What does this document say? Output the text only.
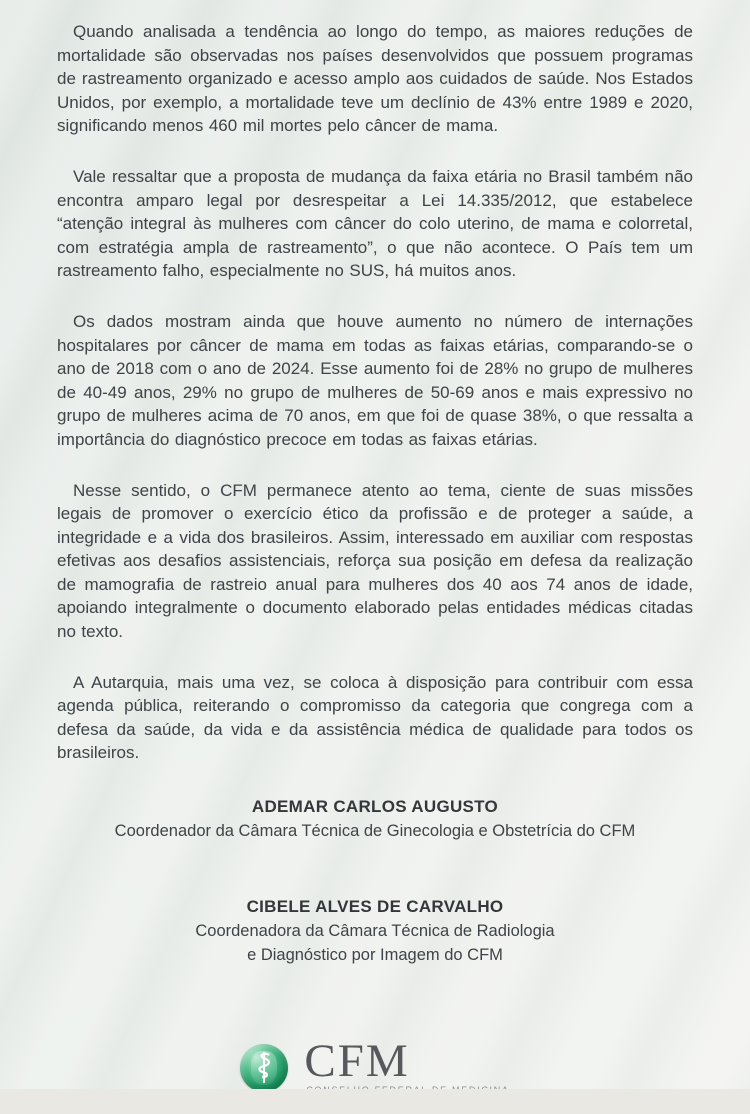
Quando analisada a tendência ao longo do tempo, as maiores reduções de mortalidade são observadas nos países desenvolvidos que possuem programas de rastreamento organizado e acesso amplo aos cuidados de saúde. Nos Estados Unidos, por exemplo, a mortalidade teve um declínio de 43% entre 1989 e 2020, significando menos 460 mil mortes pelo câncer de mama.

Vale ressaltar que a proposta de mudança da faixa etária no Brasil também não encontra amparo legal por desrespeitar a Lei 14.335/2012, que estabelece “atenção integral às mulheres com câncer do colo uterino, de mama e colorretal, com estratégia ampla de rastreamento”, o que não acontece. O País tem um rastreamento falho, especialmente no SUS, há muitos anos.

Os dados mostram ainda que houve aumento no número de internações hospitalares por câncer de mama em todas as faixas etárias, comparando-se o ano de 2018 com o ano de 2024. Esse aumento foi de 28% no grupo de mulheres de 40-49 anos, 29% no grupo de mulheres de 50-69 anos e mais expressivo no grupo de mulheres acima de 70 anos, em que foi de quase 38%, o que ressalta a importância do diagnóstico precoce em todas as faixas etárias.

Nesse sentido, o CFM permanece atento ao tema, ciente de suas missões legais de promover o exercício ético da profissão e de proteger a saúde, a integridade e a vida dos brasileiros. Assim, interessado em auxiliar com respostas efetivas aos desafios assistenciais, reforça sua posição em defesa da realização de mamografia de rastreio anual para mulheres dos 40 aos 74 anos de idade, apoiando integralmente o documento elaborado pelas entidades médicas citadas no texto.

A Autarquia, mais uma vez, se coloca à disposição para contribuir com essa agenda pública, reiterando o compromisso da categoria que congrega com a defesa da saúde, da vida e da assistência médica de qualidade para todos os brasileiros.

ADEMAR CARLOS AUGUSTO
Coordenador da Câmara Técnica de Ginecologia e Obstetrícia do CFM
CIBELE ALVES DE CARVALHO
Coordenadora da Câmara Técnica de Radiologia
e Diagnóstico por Imagem do CFM
CFM
